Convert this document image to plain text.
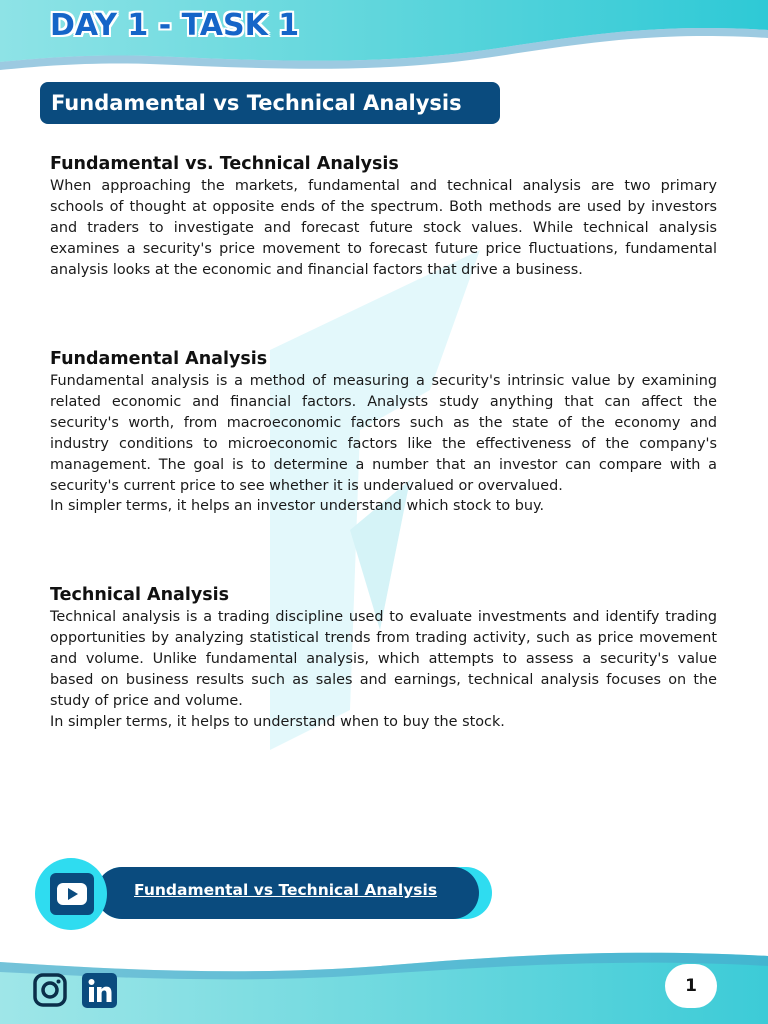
DAY 1 - TASK 1
Fundamental vs Technical Analysis
Fundamental vs. Technical Analysis

When approaching the markets, fundamental and technical analysis are two primary schools of thought at opposite ends of the spectrum. Both methods are used by investors and traders to investigate and forecast future stock values. While technical analysis examines a security's price movement to forecast future price fluctuations, fundamental analysis looks at the economic and financial factors that drive a business.

Fundamental Analysis

Fundamental analysis is a method of measuring a security's intrinsic value by examining related economic and financial factors. Analysts study anything that can affect the security's worth, from macroeconomic factors such as the state of the economy and industry conditions to microeconomic factors like the effectiveness of the company's management. The goal is to determine a number that an investor can compare with a security's current price to see whether it is undervalued or overvalued.

In simpler terms, it helps an investor understand which stock to buy.

Technical Analysis

Technical analysis is a trading discipline used to evaluate investments and identify trading opportunities by analyzing statistical trends from trading activity, such as price movement and volume. Unlike fundamental analysis, which attempts to assess a security's value based on business results such as sales and earnings, technical analysis focuses on the study of price and volume.

In simpler terms, it helps to understand when to buy the stock.

Fundamental vs Technical Analysis
1
